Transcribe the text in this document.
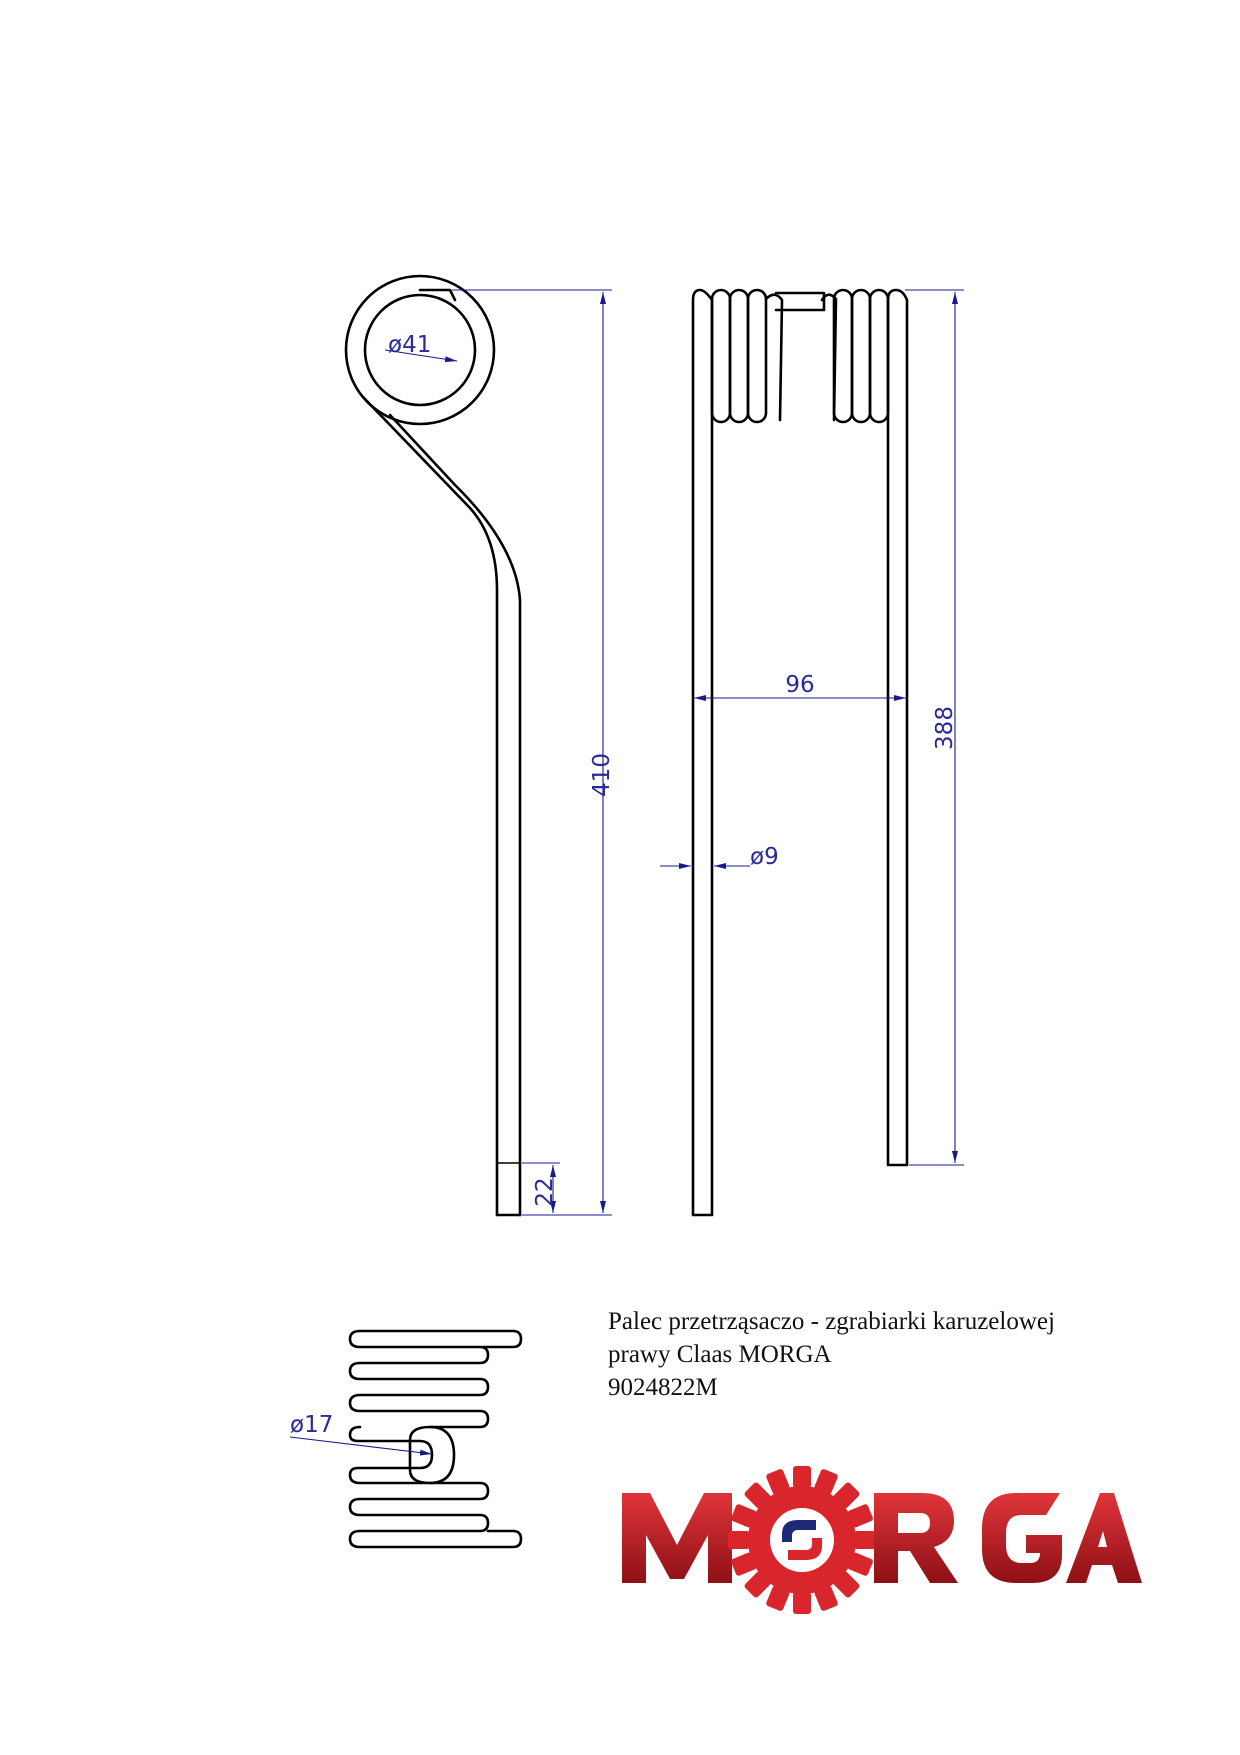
ø41
410
22
96
ø9
388
ø17
Palec przetrząsaczo - zgrabiarki karuzelowej
prawy Claas MORGA
9024822M
